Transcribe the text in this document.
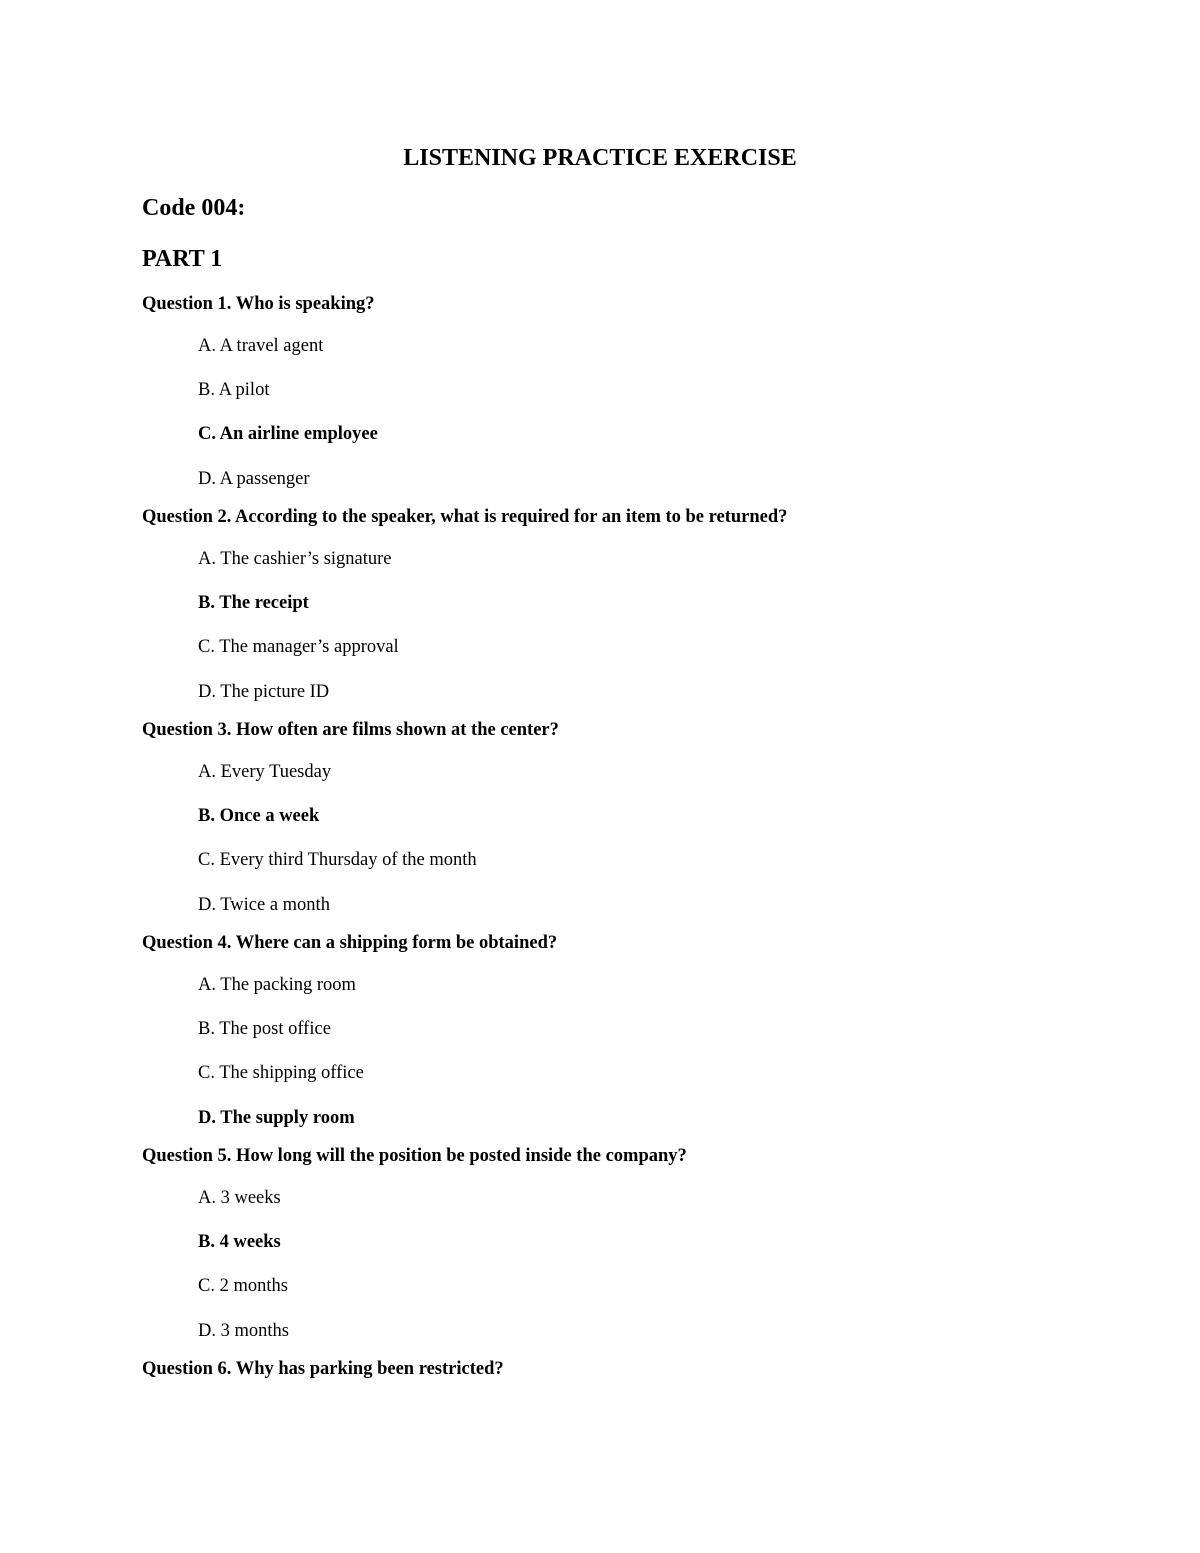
LISTENING PRACTICE EXERCISE
Code 004:
PART 1
Question 1. Who is speaking?
A. A travel agent
B. A pilot
C. An airline employee
D. A passenger
Question 2. According to the speaker, what is required for an item to be returned?
A. The cashier’s signature
B. The receipt
C. The manager’s approval
D. The picture ID
Question 3. How often are films shown at the center?
A. Every Tuesday
B. Once a week
C. Every third Thursday of the month
D. Twice a month
Question 4. Where can a shipping form be obtained?
A. The packing room
B. The post office
C. The shipping office
D. The supply room
Question 5. How long will the position be posted inside the company?
A. 3 weeks
B. 4 weeks
C. 2 months
D. 3 months
Question 6. Why has parking been restricted?
